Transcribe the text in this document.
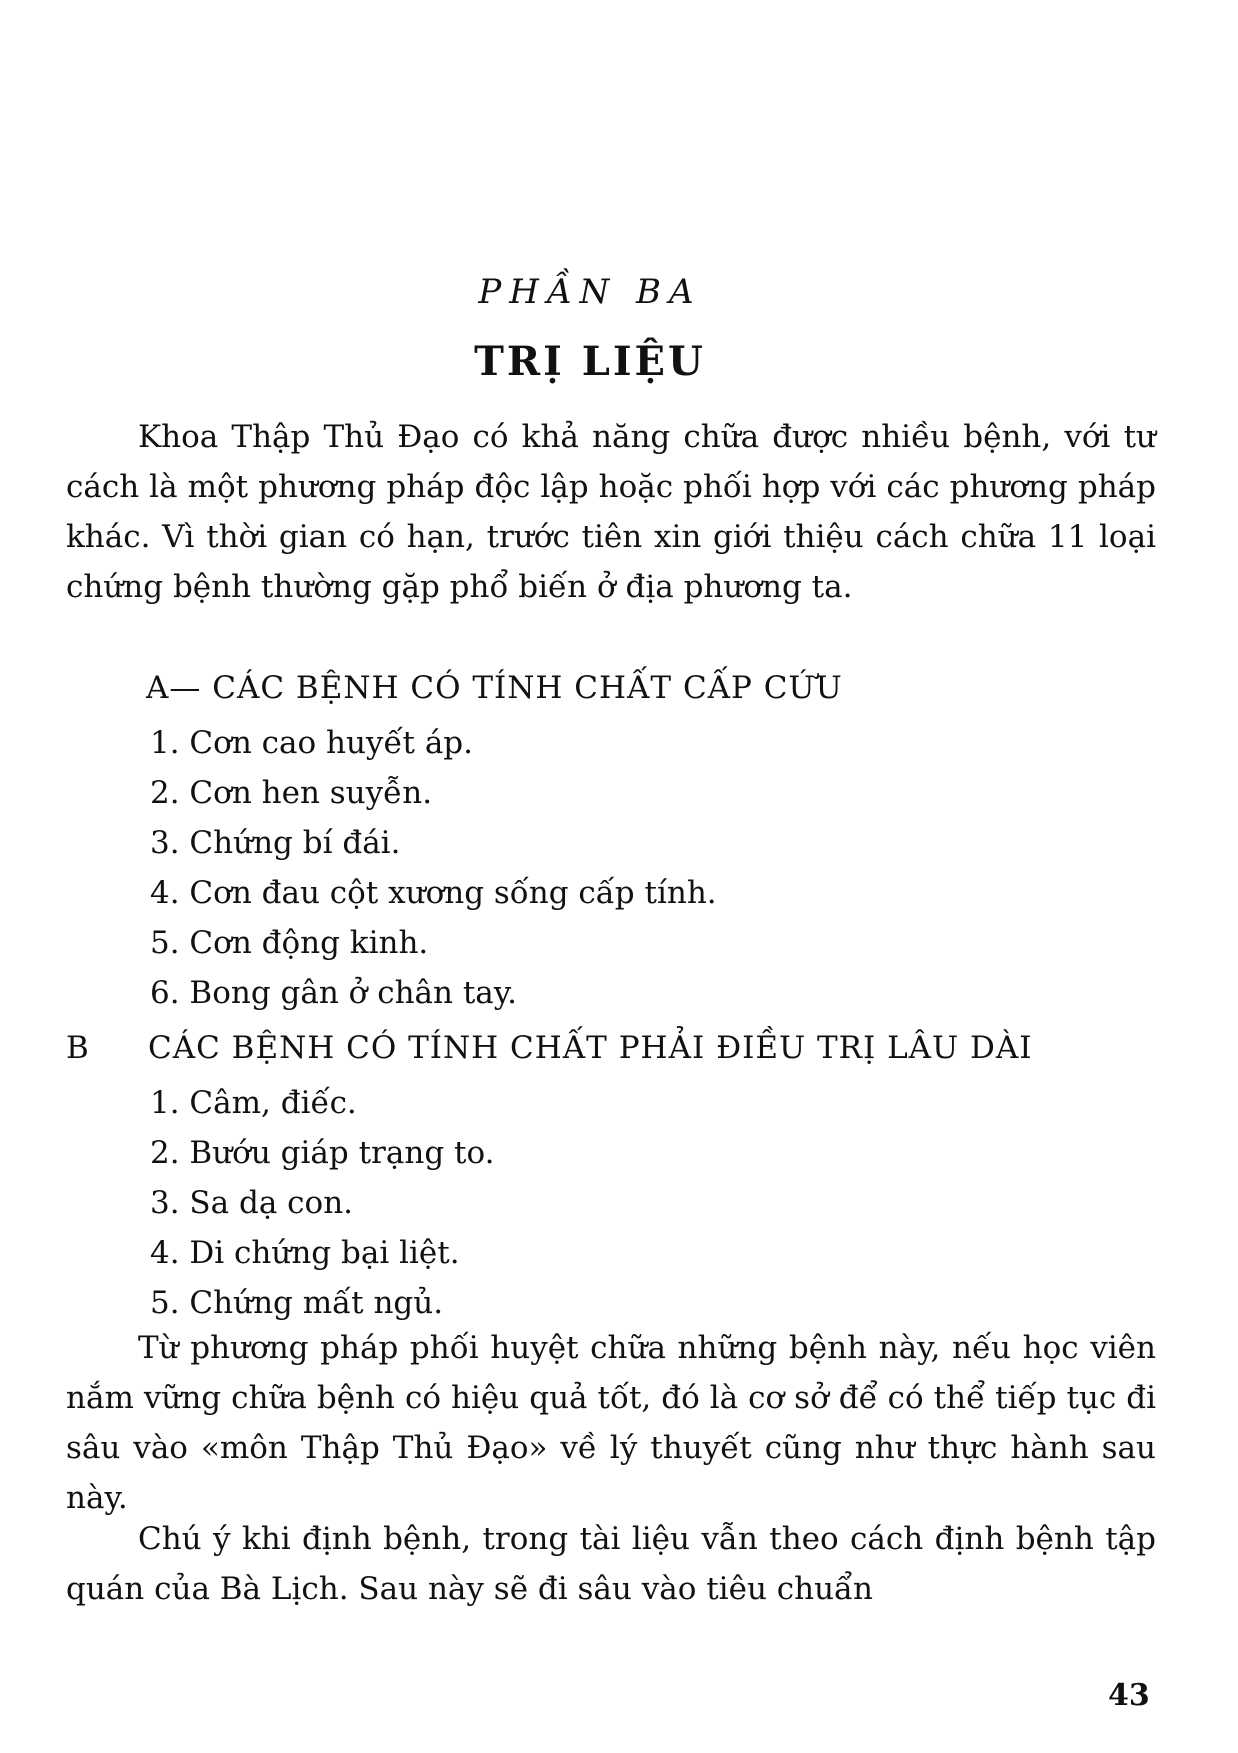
PHẦN BA
TRỊ LIỆU

Khoa Thập Thủ Đạo có khả năng chữa được nhiều bệnh, với tư cách là một phương pháp độc lập hoặc phối hợp với các phương pháp khác. Vì thời gian có hạn, trước tiên xin giới thiệu cách chữa 11 loại chứng bệnh thường gặp phổ biến ở địa phương ta.

A— CÁC BỆNH CÓ TÍNH CHẤT CẤP CỨU
1. Cơn cao huyết áp.
2. Cơn hen suyễn.
3. Chứng bí đái.
4. Cơn đau cột xương sống cấp tính.
5. Cơn động kinh.
6. Bong gân ở chân tay.
B CÁC BỆNH CÓ TÍNH CHẤT PHẢI ĐIỀU TRỊ LÂU DÀI
1. Câm, điếc.
2. Bướu giáp trạng to.
3. Sa dạ con.
4. Di chứng bại liệt.
5. Chứng mất ngủ.

Từ phương pháp phối huyệt chữa những bệnh này, nếu học viên nắm vững chữa bệnh có hiệu quả tốt, đó là cơ sở để có thể tiếp tục đi sâu vào «môn Thập Thủ Đạo» về lý thuyết cũng như thực hành sau này.

Chú ý khi định bệnh, trong tài liệu vẫn theo cách định bệnh tập quán của Bà Lịch. Sau này sẽ đi sâu vào tiêu chuẩn

43
